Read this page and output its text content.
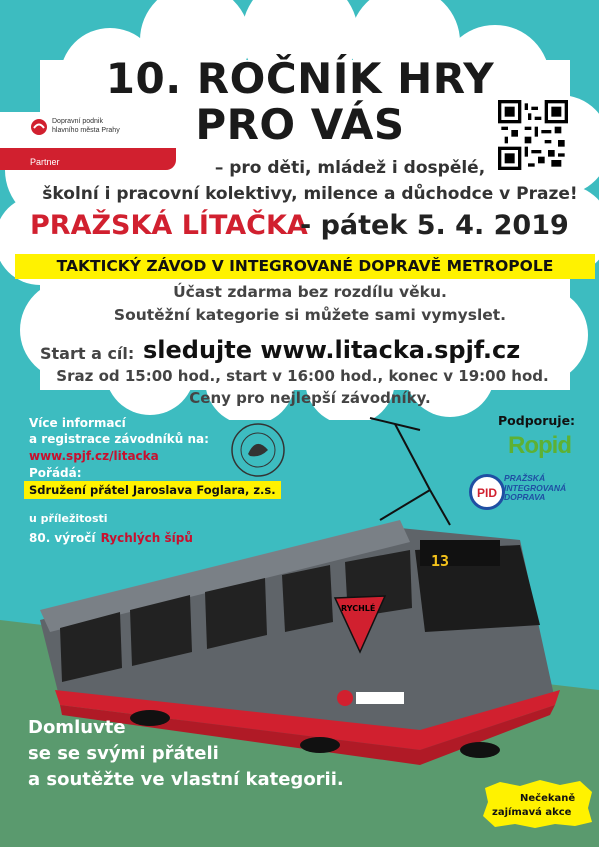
13
RYCHLÉ
Dopravní podnik
hlavního města Prahy
Partner
10. ROČNÍK HRY
PRO VÁS
– pro děti, mládež i dospělé,
školní i pracovní kolektivy, milence a důchodce v Praze!
PRAŽSKÁ LÍTAČKA
- pátek 5. 4. 2019
TAKTICKÝ ZÁVOD V INTEGROVANÉ DOPRAVĚ METROPOLE
Účast zdarma bez rozdílu věku.
Soutěžní kategorie si můžete sami vymyslet.
Start a cíl: sledujte www.litacka.spjf.cz
Sraz od 15:00 hod., start v 16:00 hod., konec v 19:00 hod.
Ceny pro nejlepší závodníky.
Více informací
a registrace závodníků na:
www.spjf.cz/litacka
Pořádá:
Sdružení přátel Jaroslava Foglara, z.s.
u příležitosti
80. výročí Rychlých šípů
Podporuje:
Ropid
PID
PRAŽSKÁ
INTEGROVANÁ
DOPRAVA
Domluvte
se se svými přáteli
a soutěžte ve vlastní kategorii.
Nečekaně
zajímavá akce
